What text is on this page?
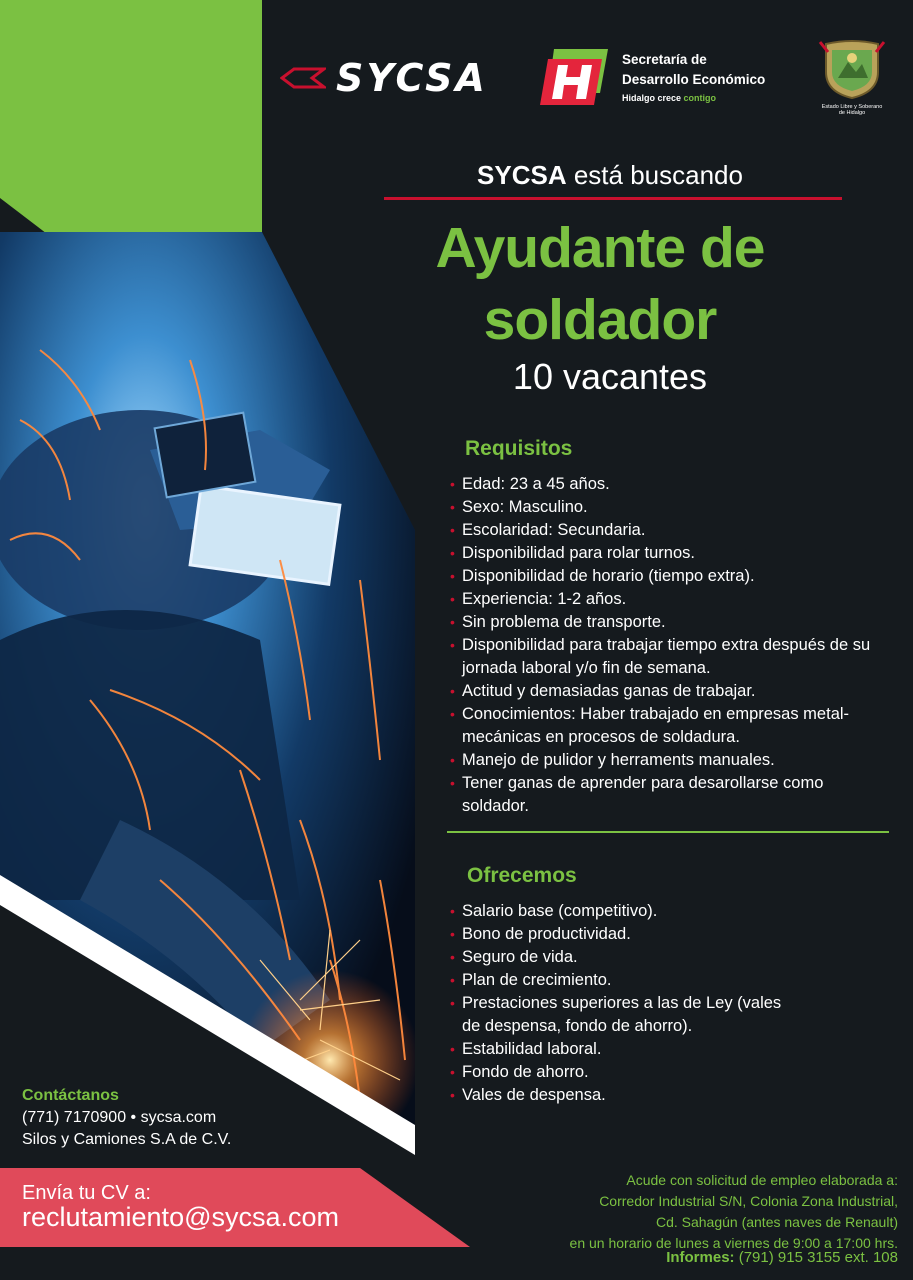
SYCSA	Secretaría de
Desarrollo Económico
Hidalgo crece contigo
Estado Libre y Soberano
de Hidalgo
SYCSA está buscando
Ayudante de
soldador
10 vacantes
Requisitos
• Edad: 23 a 45 años.
• Sexo: Masculino.
• Escolaridad: Secundaria.
• Disponibilidad para rolar turnos.
• Disponibilidad de horario (tiempo extra).
• Experiencia: 1-2 años.
• Sin problema de transporte.
• Disponibilidad para trabajar tiempo extra después de su jornada laboral y/o fin de semana.
• Actitud y demasiadas ganas de trabajar.
• Conocimientos: Haber trabajado en empresas metal-mecánicas en procesos de soldadura.
• Manejo de pulidor y herraments manuales.
• Tener ganas de aprender para desarollarse como soldador.
Ofrecemos
• Salario base (competitivo).
• Bono de productividad.
• Seguro de vida.
• Plan de crecimiento.
• Prestaciones superiores a las de Ley (vales de despensa, fondo de ahorro).
• Estabilidad laboral.
• Fondo de ahorro.
• Vales de despensa.
Contáctanos
(771) 7170900 • sycsa.com
Silos y Camiones S.A de C.V.
Envía tu CV a:
reclutamiento@sycsa.com
Acude con solicitud de empleo elaborada a:
Corredor Industrial S/N, Colonia Zona Industrial,
Cd. Sahagún (antes naves de Renault)
en un horario de lunes a viernes de 9:00 a 17:00 hrs.
Informes: (791) 915 3155 ext. 108
